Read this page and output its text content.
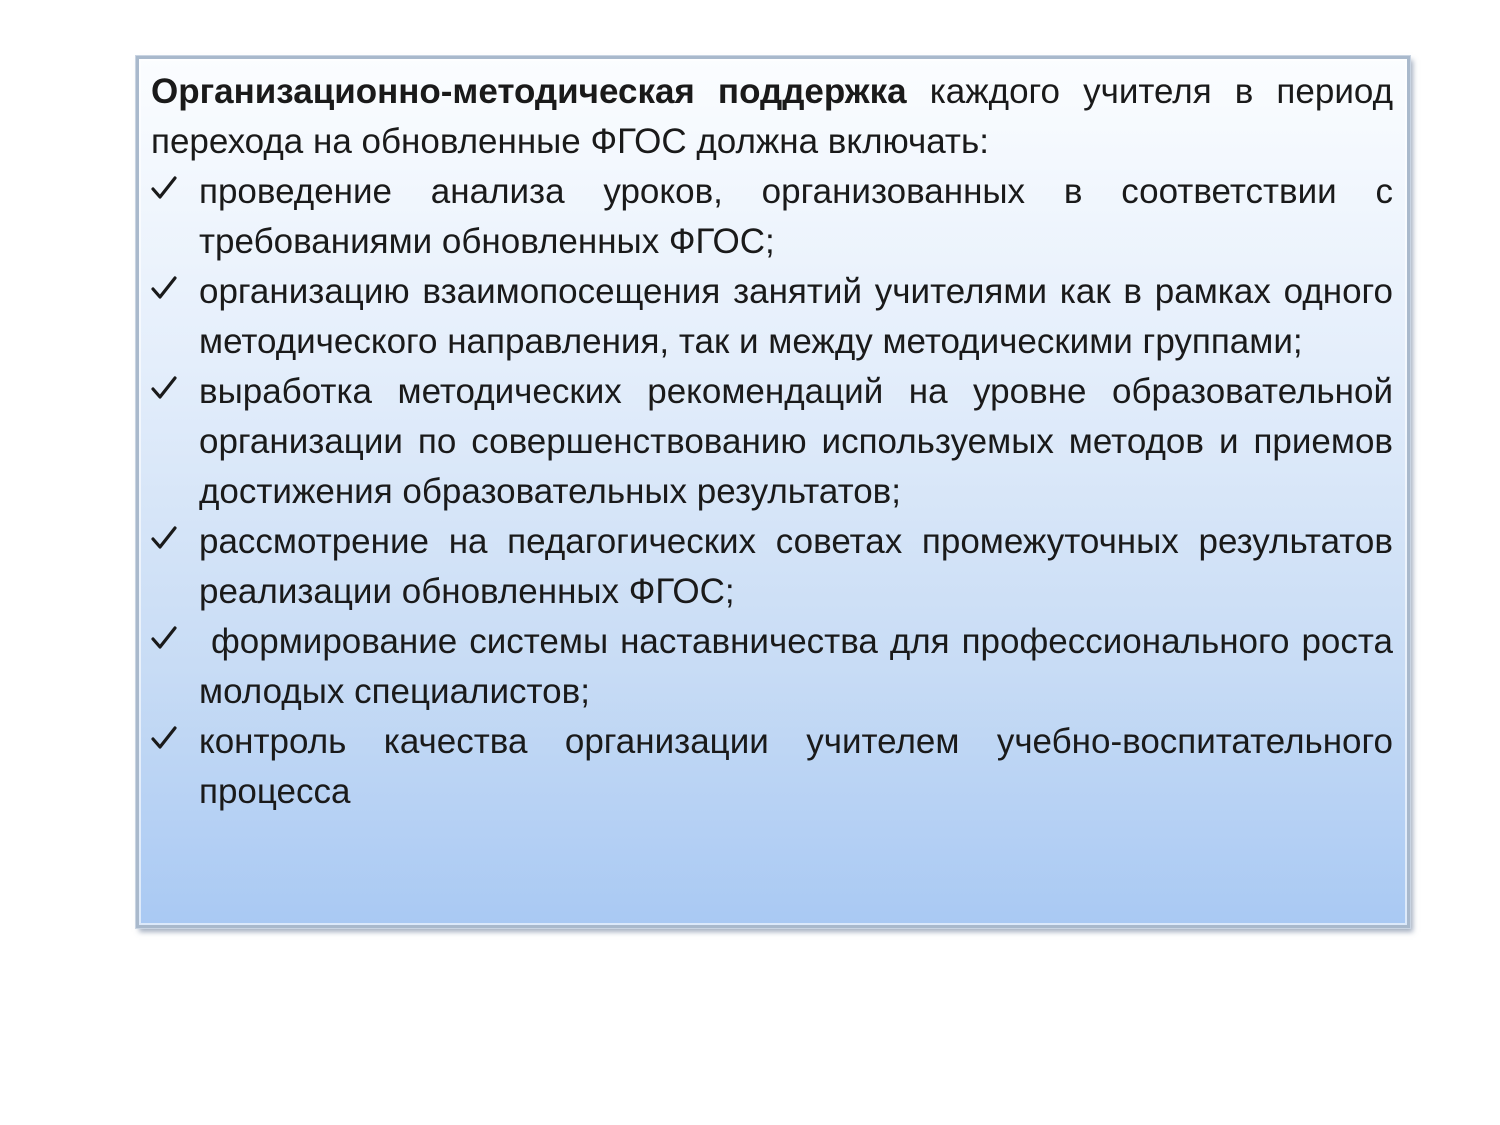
Организационно-методическая поддержка каждого учителя в период перехода на обновленные ФГОС должна включать:

проведение анализа уроков, организованных в соответствии с требованиями обновленных ФГОС;
организацию взаимопосещения занятий учителями как в рамках одного методического направления, так и между методическими группами;
выработка методических рекомендаций на уровне образовательной организации по совершенствованию используемых методов и приемов достижения образовательных результатов;
рассмотрение на педагогических советах промежуточных результатов реализации обновленных ФГОС;
формирование системы наставничества для профессионального роста молодых специалистов;
контроль качества организации учителем учебно-воспитательного процесса
